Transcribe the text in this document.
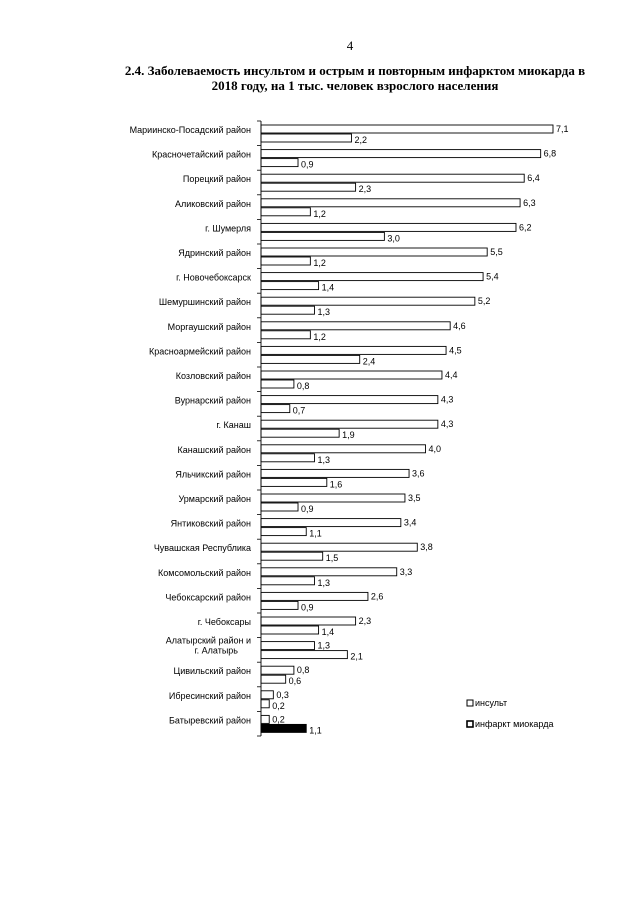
4
2.4. Заболеваемость инсультом и острым и повторным инфарктом миокарда в 2018 году, на 1 тыс. человек взрослого населения
Мариинско-Посадский район	7,1
2,2
Красночетайский район	6,8
0,9
Порецкий район	6,4
2,3
Аликовский район	6,3
1,2
г. Шумерля	6,2
3,0
Ядринский район	5,5
1,2
г. Новочебоксарск	5,4
1,4
Шемуршинский район	5,2
1,3
Моргаушский район	4,6
1,2
Красноармейский район	4,5
2,4
Козловский район	4,4
0,8
Вурнарский район	4,3
0,7
г. Канаш	4,3
1,9
Канашский район	4,0
1,3
Яльчикский район	3,6
1,6
Урмарский район	3,5
0,9
Янтиковский район	3,4
1,1
Чувашская Республика	3,8
1,5
Комсомольский район	3,3
1,3
Чебоксарский район	2,6
0,9
г. Чебоксары	2,3
1,4
Алатырский район и г. Алатырь	1,3
2,1
Цивильский район	0,8
0,6
Ибресинский район	0,3
0,2
Батыревский район 0,2
1,1
инсульт
инфаркт миокарда
